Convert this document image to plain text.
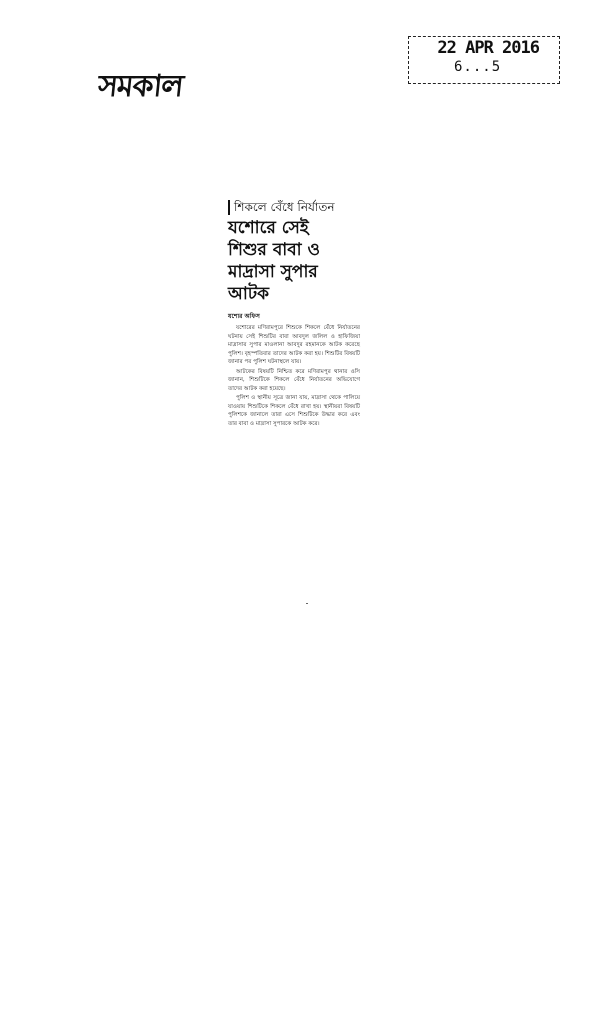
সমকাল
22 APR 2016
6...5
শিকলে বেঁধে নির্যাতন
যশোরে সেই শিশুর বাবা ও মাদ্রাসা সুপার আটক
যশোর অফিস

যশোরের মণিরামপুরে শিশুকে শিকলে বেঁধে নির্যাতনের ঘটনায় সেই শিশুটির বাবা আবদুল জলিল ও হাফিজিয়া মাদ্রাসার সুপার মাওলানা আবদুর রহমানকে আটক করেছে পুলিশ। বৃহস্পতিবার তাদের আটক করা হয়। শিশুটির বিষয়টি জানার পর পুলিশ ঘটনাস্থলে যায়।

আটকের বিষয়টি নিশ্চিত করে মণিরামপুর থানার ওসি জানান, শিশুটিকে শিকলে বেঁধে নির্যাতনের অভিযোগে তাদের আটক করা হয়েছে।

পুলিশ ও স্থানীয় সূত্রে জানা যায়, মাদ্রাসা থেকে পালিয়ে যাওয়ায় শিশুটিকে শিকলে বেঁধে রাখা হয়। স্থানীয়রা বিষয়টি পুলিশকে জানালে তারা এসে শিশুটিকে উদ্ধার করে এবং তার বাবা ও মাদ্রাসা সুপারকে আটক করে।
